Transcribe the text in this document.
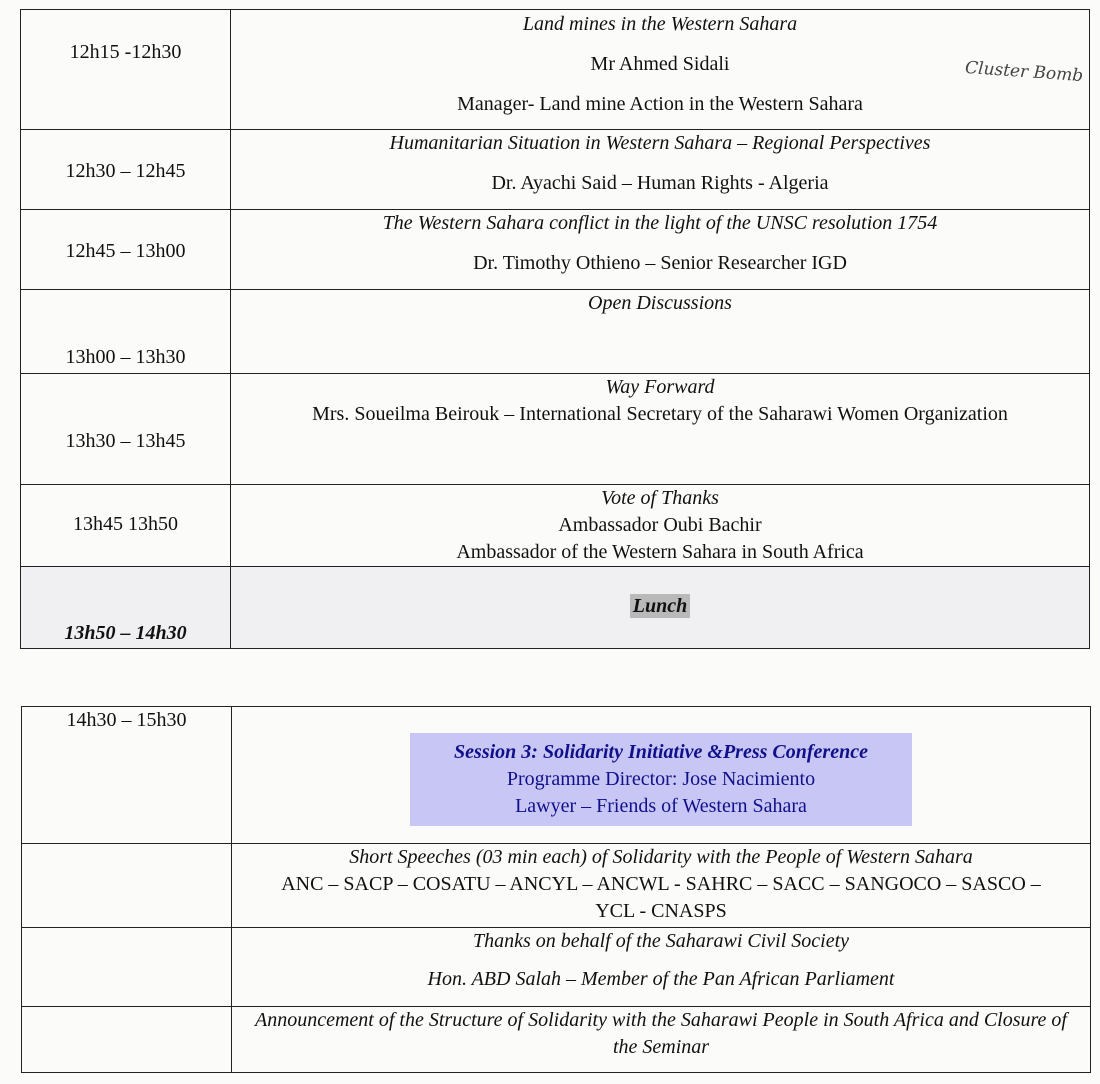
Cluster Bomb
12h15 -12h30	Land mines in the Western Sahara
Mr Ahmed Sidali
Manager- Land mine Action in the Western Sahara

12h30 – 12h45	Humanitarian Situation in Western Sahara – Regional Perspectives
Dr. Ayachi Said – Human Rights - Algeria

12h45 – 13h00	The Western Sahara conflict in the light of the UNSC resolution 1754
Dr. Timothy Othieno – Senior Researcher IGD

13h00 – 13h30	Open Discussions

13h30 – 13h45	Way Forward
Mrs. Soueilma Beirouk – International Secretary of the Saharawi Women Organization

13h45 13h50	Vote of Thanks
Ambassador Oubi Bachir
Ambassador of the Western Sahara in South Africa

13h50 – 14h30	Lunch
14h30 – 15h30	Session 3: Solidarity Initiative &Press Conference
Programme Director: Jose Nacimiento
Lawyer – Friends of Western Sahara

	Short Speeches (03 min each) of Solidarity with the People of Western Sahara
ANC – SACP – COSATU – ANCYL – ANCWL - SAHRC – SACC – SANGOCO – SASCO – YCL - CNASPS

	Thanks on behalf of the Saharawi Civil Society
Hon. ABD Salah – Member of the Pan African Parliament

	Announcement of the Structure of Solidarity with the Saharawi People in South Africa and Closure of the Seminar
